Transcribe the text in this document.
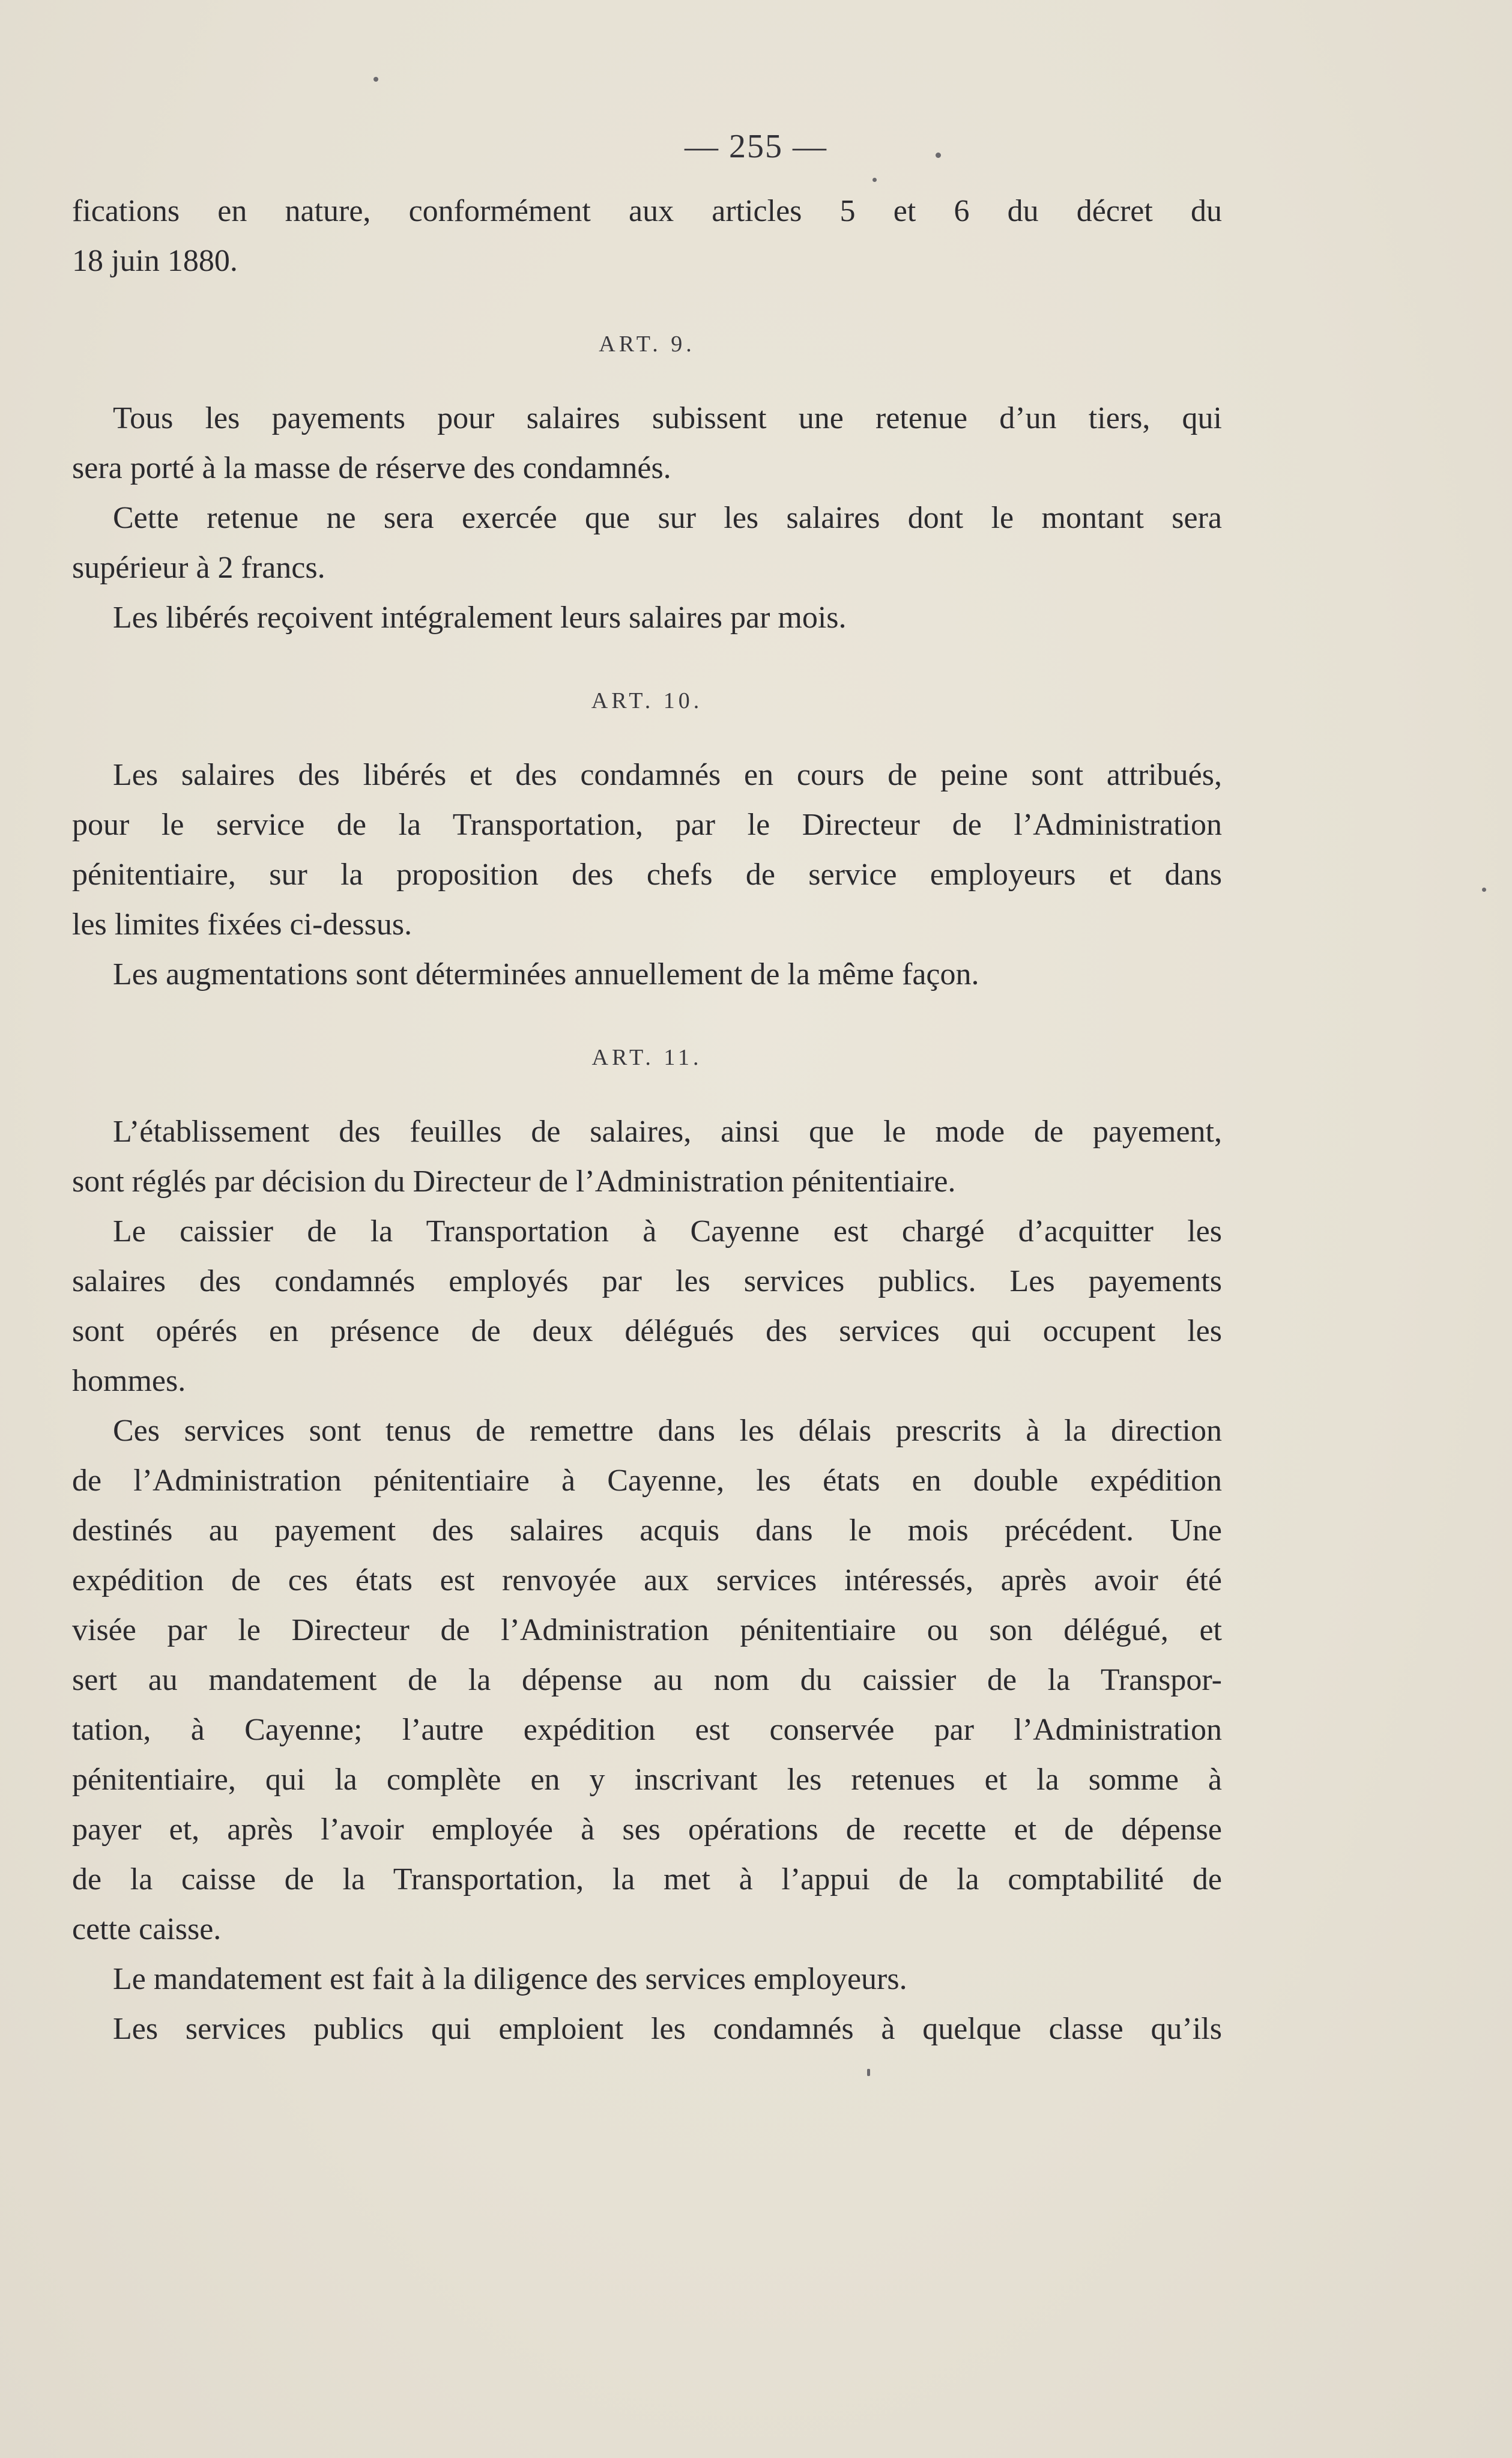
— 255 —
fications en nature, conformément aux articles 5 et 6 du décret du
18 juin 1880.
ART. 9.
Tous les payements pour salaires subissent une retenue d’un tiers, qui
sera porté à la masse de réserve des condamnés.
Cette retenue ne sera exercée que sur les salaires dont le montant sera
supérieur à 2 francs.
Les libérés reçoivent intégralement leurs salaires par mois.
ART. 10.
Les salaires des libérés et des condamnés en cours de peine sont attribués,
pour le service de la Transportation, par le Directeur de l’Administration
pénitentiaire, sur la proposition des chefs de service employeurs et dans
les limites fixées ci-dessus.
Les augmentations sont déterminées annuellement de la même façon.
ART. 11.
L’établissement des feuilles de salaires, ainsi que le mode de payement,
sont réglés par décision du Directeur de l’Administration pénitentiaire.
Le caissier de la Transportation à Cayenne est chargé d’acquitter les
salaires des condamnés employés par les services publics. Les payements
sont opérés en présence de deux délégués des services qui occupent les
hommes.
Ces services sont tenus de remettre dans les délais prescrits à la direction
de l’Administration pénitentiaire à Cayenne, les états en double expédition
destinés au payement des salaires acquis dans le mois précédent. Une
expédition de ces états est renvoyée aux services intéressés, après avoir été
visée par le Directeur de l’Administration pénitentiaire ou son délégué, et
sert au mandatement de la dépense au nom du caissier de la Transpor-
tation, à Cayenne; l’autre expédition est conservée par l’Administration
pénitentiaire, qui la complète en y inscrivant les retenues et la somme à
payer et, après l’avoir employée à ses opérations de recette et de dépense
de la caisse de la Transportation, la met à l’appui de la comptabilité de
cette caisse.
Le mandatement est fait à la diligence des services employeurs.
Les services publics qui emploient les condamnés à quelque classe qu’ils
